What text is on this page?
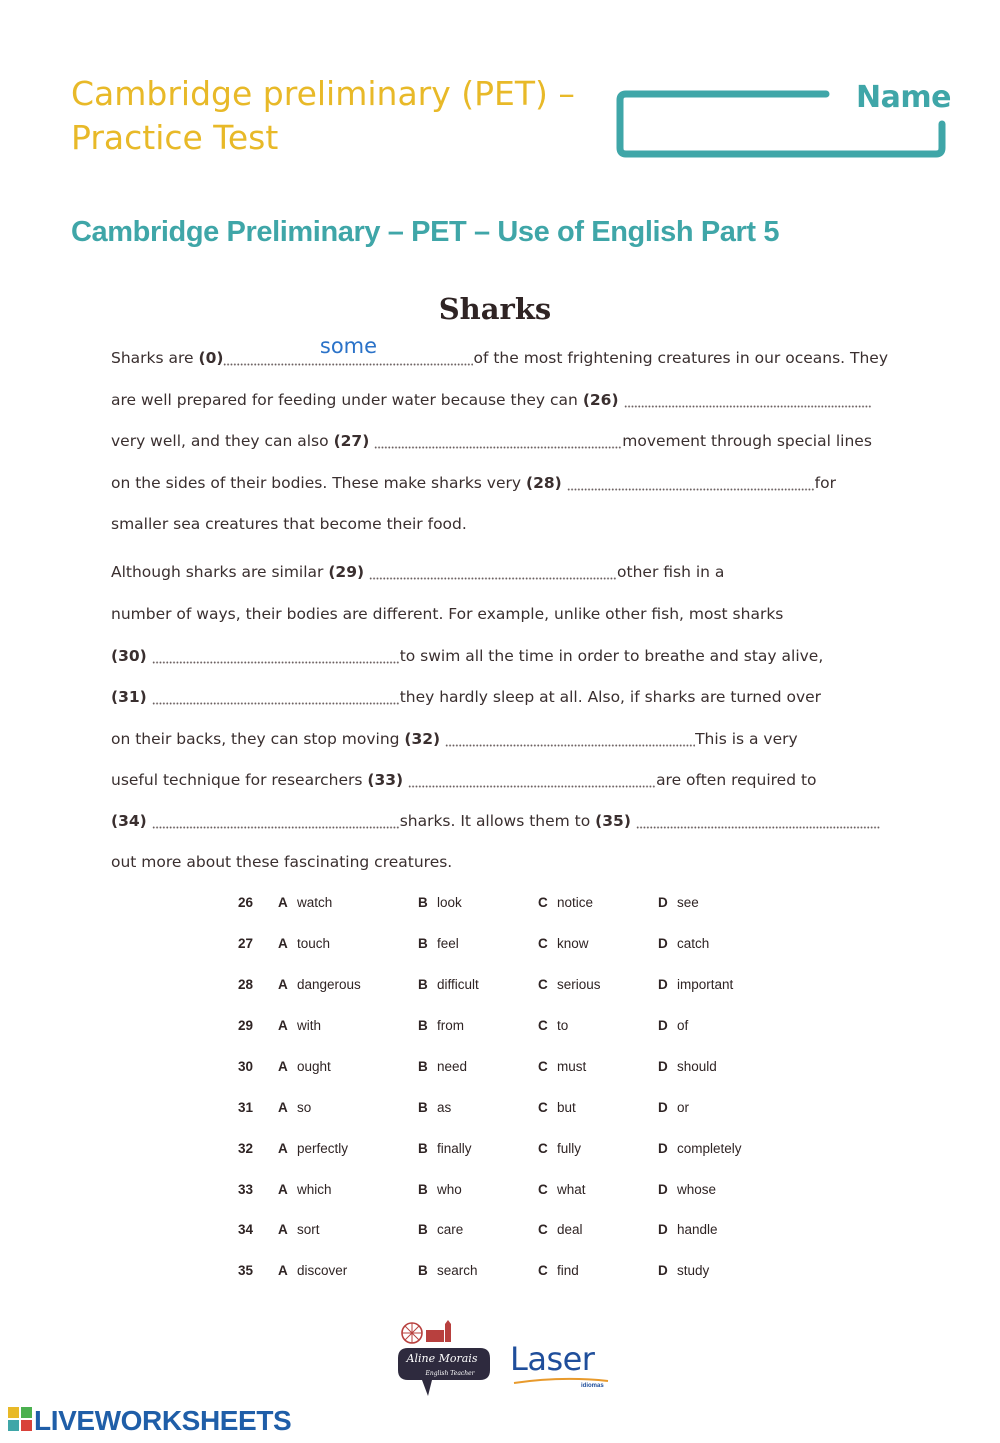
Cambridge preliminary (PET) –
Practice Test
Name
Cambridge Preliminary – PET – Use of English Part 5
Sharks
Sharks are (0)	some	of the most frightening creatures in our oceans. They
are well prepared for feeding under water because they can (26)
very well, and they can also (27)	movement through special lines
on the sides of their bodies. These make sharks very (28)	for
smaller sea creatures that become their food.
Although sharks are similar (29)	other fish in a
number of ways, their bodies are different. For example, unlike other fish, most sharks
(30)	to swim all the time in order to breathe and stay alive,
(31)	they hardly sleep at all. Also, if sharks are turned over
on their backs, they can stop moving (32)	This is a very
useful technique for researchers (33)	are often required to
(34)	sharks. It allows them to (35)
out more about these fascinating creatures.
26 A watch	B look	C notice	D see
27 A touch	B feel	C know	D catch
28 A dangerous	B difficult	C serious	D important
29 A with	B from	C to	D of
30 A ought	B need	C must	D should
31 A so	B as	C but	D or
32 A perfectly	B finally	C fully	D completely
33 A which	B who	C what	D whose
34 A sort	B care	C deal	D handle
35 A discover	B search	C find	D study
Aline Morais
English Teacher Laser
idiomas
LIVEWORKSHEETS
